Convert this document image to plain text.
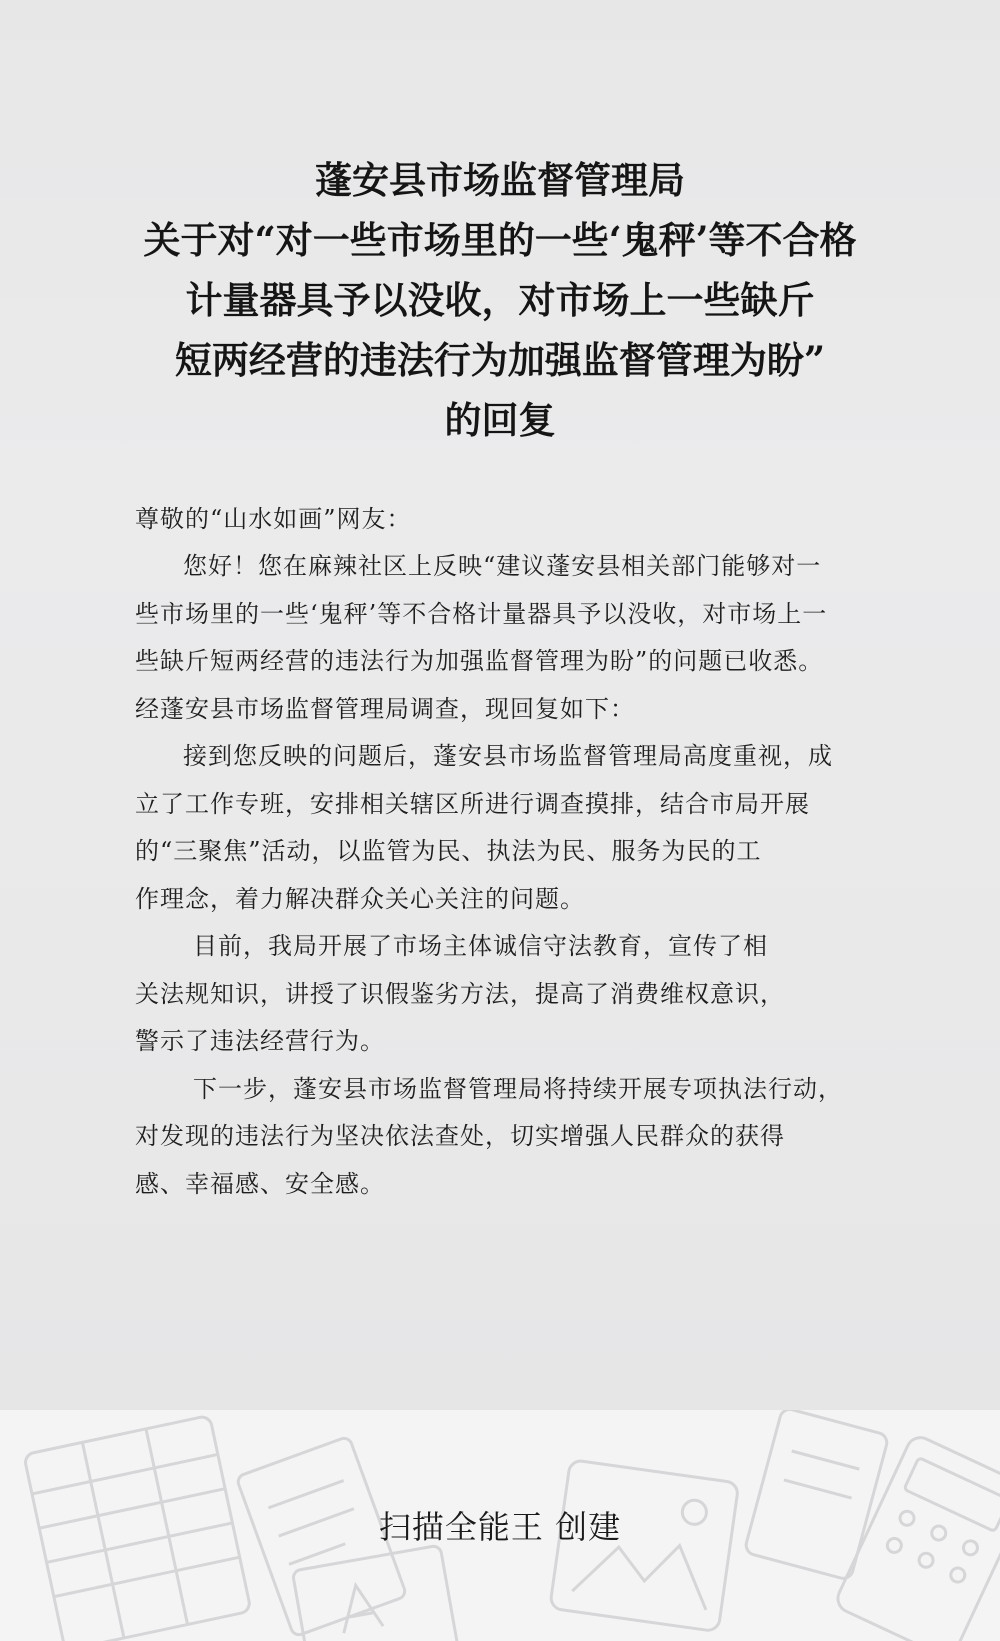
蓬安县市场监督管理局
关于对“对一些市场里的一些‘鬼秤’等不合格
计量器具予以没收，对市场上一些缺斤
短两经营的违法行为加强监督管理为盼”
的回复
尊敬的“山水如画”网友：
您好！您在麻辣社区上反映“建议蓬安县相关部门能够对一
些市场里的一些‘鬼秤’等不合格计量器具予以没收，对市场上一
些缺斤短两经营的违法行为加强监督管理为盼”的问题已收悉。
经蓬安县市场监督管理局调查，现回复如下：
接到您反映的问题后，蓬安县市场监督管理局高度重视，成
立了工作专班，安排相关辖区所进行调查摸排，结合市局开展
的“三聚焦”活动，以监管为民、执法为民、服务为民的工
作理念，着力解决群众关心关注的问题。
目前，我局开展了市场主体诚信守法教育，宣传了相
关法规知识，讲授了识假鉴劣方法，提高了消费维权意识，
警示了违法经营行为。
下一步，蓬安县市场监督管理局将持续开展专项执法行动，
对发现的违法行为坚决依法查处，切实增强人民群众的获得
感、幸福感、安全感。
扫描全能王 创建
